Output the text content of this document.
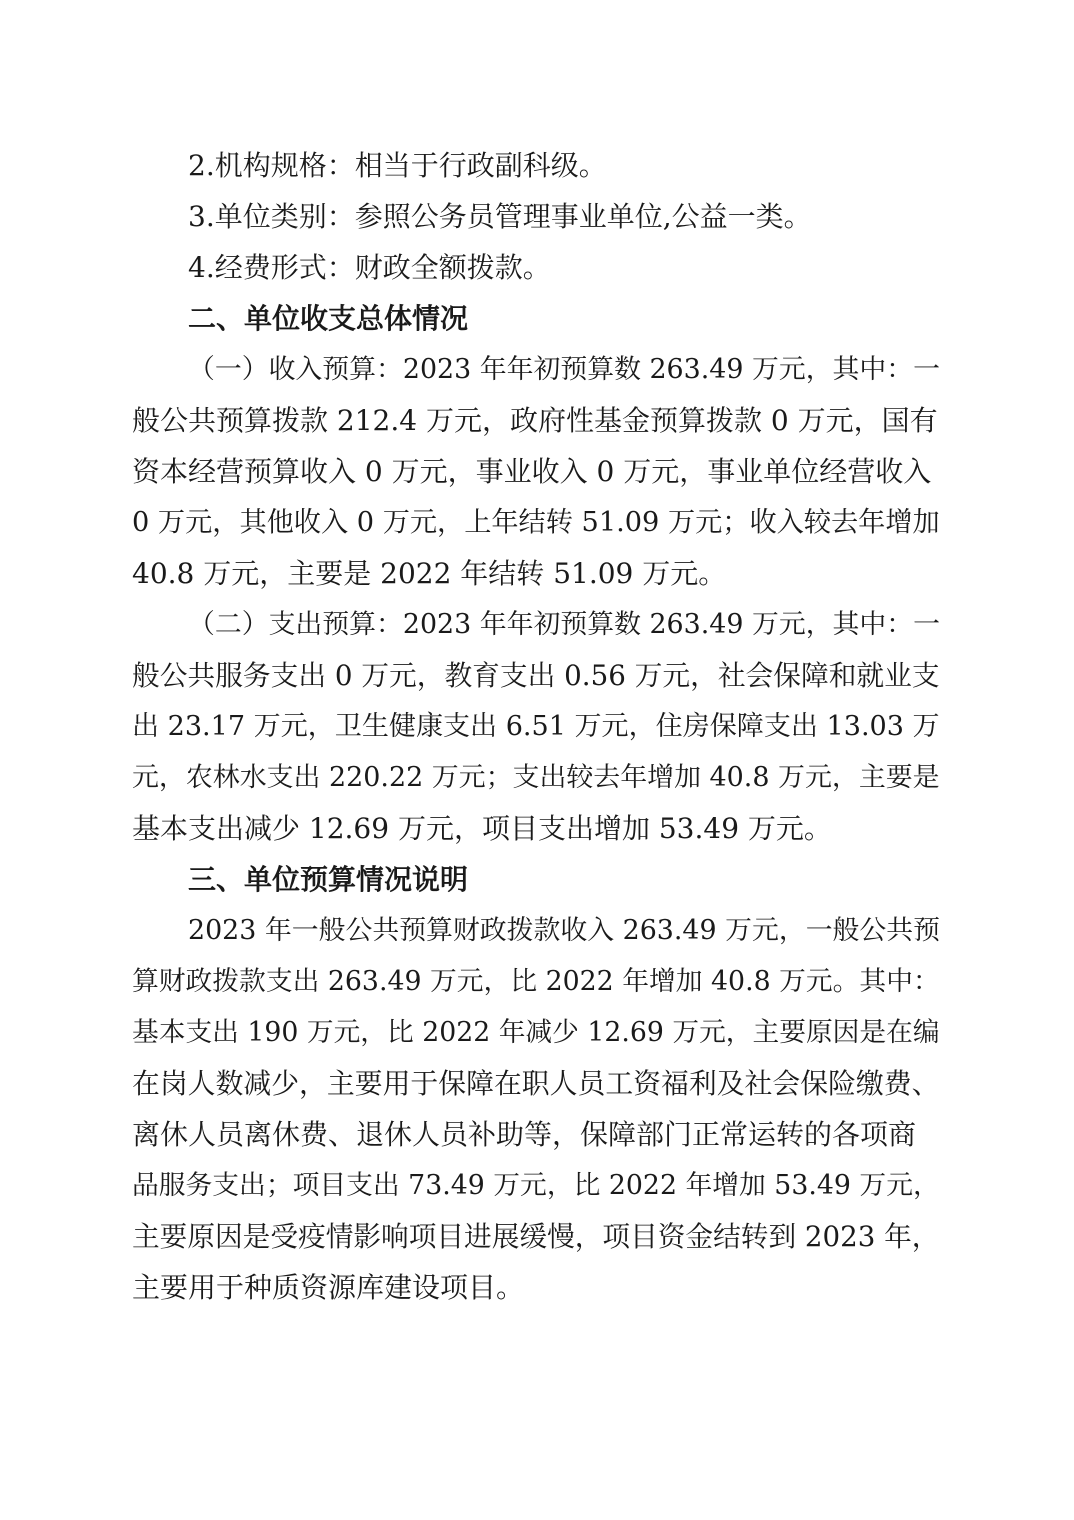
2.机构规格：相当于行政副科级。

3.单位类别：参照公务员管理事业单位,公益一类。

4.经费形式：财政全额拨款。

二、单位收支总体情况

（一）收入预算：2023 年年初预算数 263.49 万元，其中：一

般公共预算拨款 212.4 万元，政府性基金预算拨款 0 万元，国有

资本经营预算收入 0 万元，事业收入 0 万元，事业单位经营收入

0 万元，其他收入 0 万元，上年结转 51.09 万元；收入较去年增加

40.8 万元，主要是 2022 年结转 51.09 万元。

（二）支出预算：2023 年年初预算数 263.49 万元，其中：一

般公共服务支出 0 万元，教育支出 0.56 万元，社会保障和就业支

出 23.17 万元，卫生健康支出 6.51 万元，住房保障支出 13.03 万

元，农林水支出 220.22 万元；支出较去年增加 40.8 万元，主要是

基本支出减少 12.69 万元，项目支出增加 53.49 万元。

三、单位预算情况说明

2023 年一般公共预算财政拨款收入 263.49 万元，一般公共预

算财政拨款支出 263.49 万元，比 2022 年增加 40.8 万元。其中：

基本支出 190 万元，比 2022 年减少 12.69 万元，主要原因是在编

在岗人数减少，主要用于保障在职人员工资福利及社会保险缴费、

离休人员离休费、退休人员补助等，保障部门正常运转的各项商

品服务支出；项目支出 73.49 万元，比 2022 年增加 53.49 万元，

主要原因是受疫情影响项目进展缓慢，项目资金结转到 2023 年，

主要用于种质资源库建设项目。
